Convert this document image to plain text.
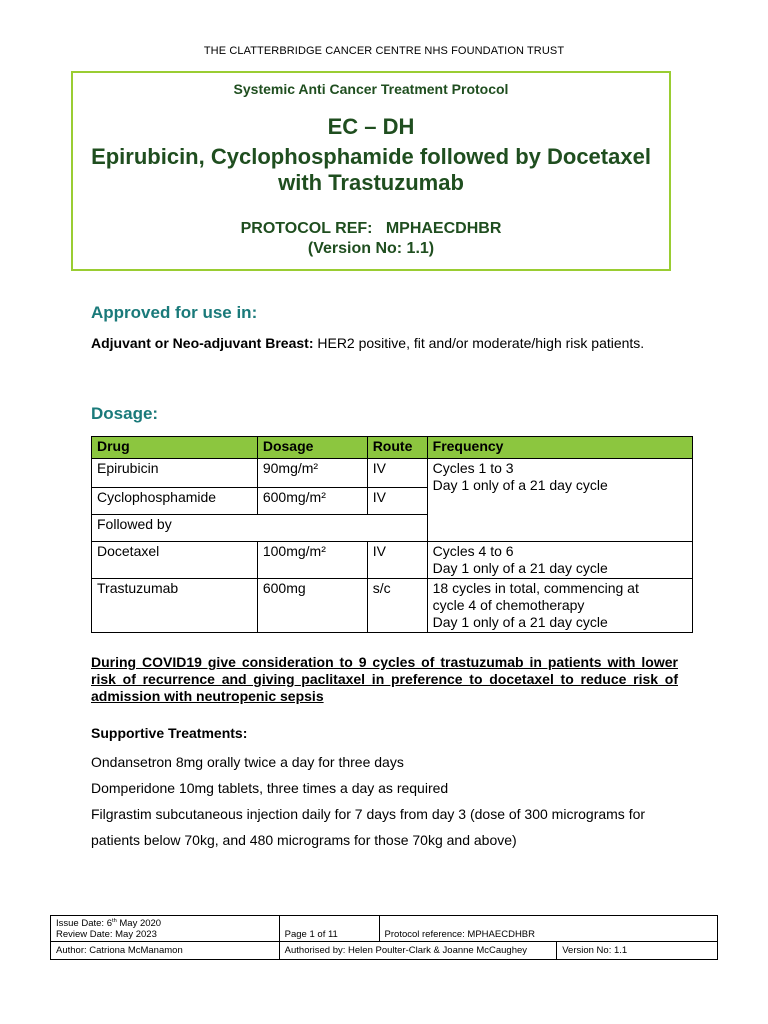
THE CLATTERBRIDGE CANCER CENTRE NHS FOUNDATION TRUST
Systemic Anti Cancer Treatment Protocol
EC – DH
Epirubicin, Cyclophosphamide followed by Docetaxel
with Trastuzumab
PROTOCOL REF:   MPHAECDHBR
(Version No: 1.1)
Approved for use in:
Adjuvant or Neo-adjuvant Breast: HER2 positive, fit and/or moderate/high risk patients.
Dosage:
Drug	Dosage	Route	Frequency
Epirubicin	90mg/m²	IV	Cycles 1 to 3
Day 1 only of a 21 day cycle

Cyclophosphamide	600mg/m²	IV	
Followed by			
Docetaxel	100mg/m²	IV	Cycles 4 to 6
Day 1 only of a 21 day cycle

Trastuzumab	600mg	s/c	18 cycles in total, commencing at
cycle 4 of chemotherapy
Day 1 only of a 21 day cycle
During COVID19 give consideration to 9 cycles of trastuzumab in patients with lower risk of recurrence and giving paclitaxel in preference to docetaxel to reduce risk of admission with neutropenic sepsis
Supportive Treatments:
Ondansetron 8mg orally twice a day for three days
Domperidone 10mg tablets, three times a day as required
Filgrastim subcutaneous injection daily for 7 days from day 3 (dose of 300 micrograms for patients below 70kg, and 480 micrograms for those 70kg and above)
Issue Date: 6th May 2020
Review Date: May 2023	Page 1 of 11	Protocol reference: MPHAECDHBR	
Author: Catriona McManamon	Authorised by: Helen Poulter-Clark & Joanne McCaughey		Version No: 1.1
